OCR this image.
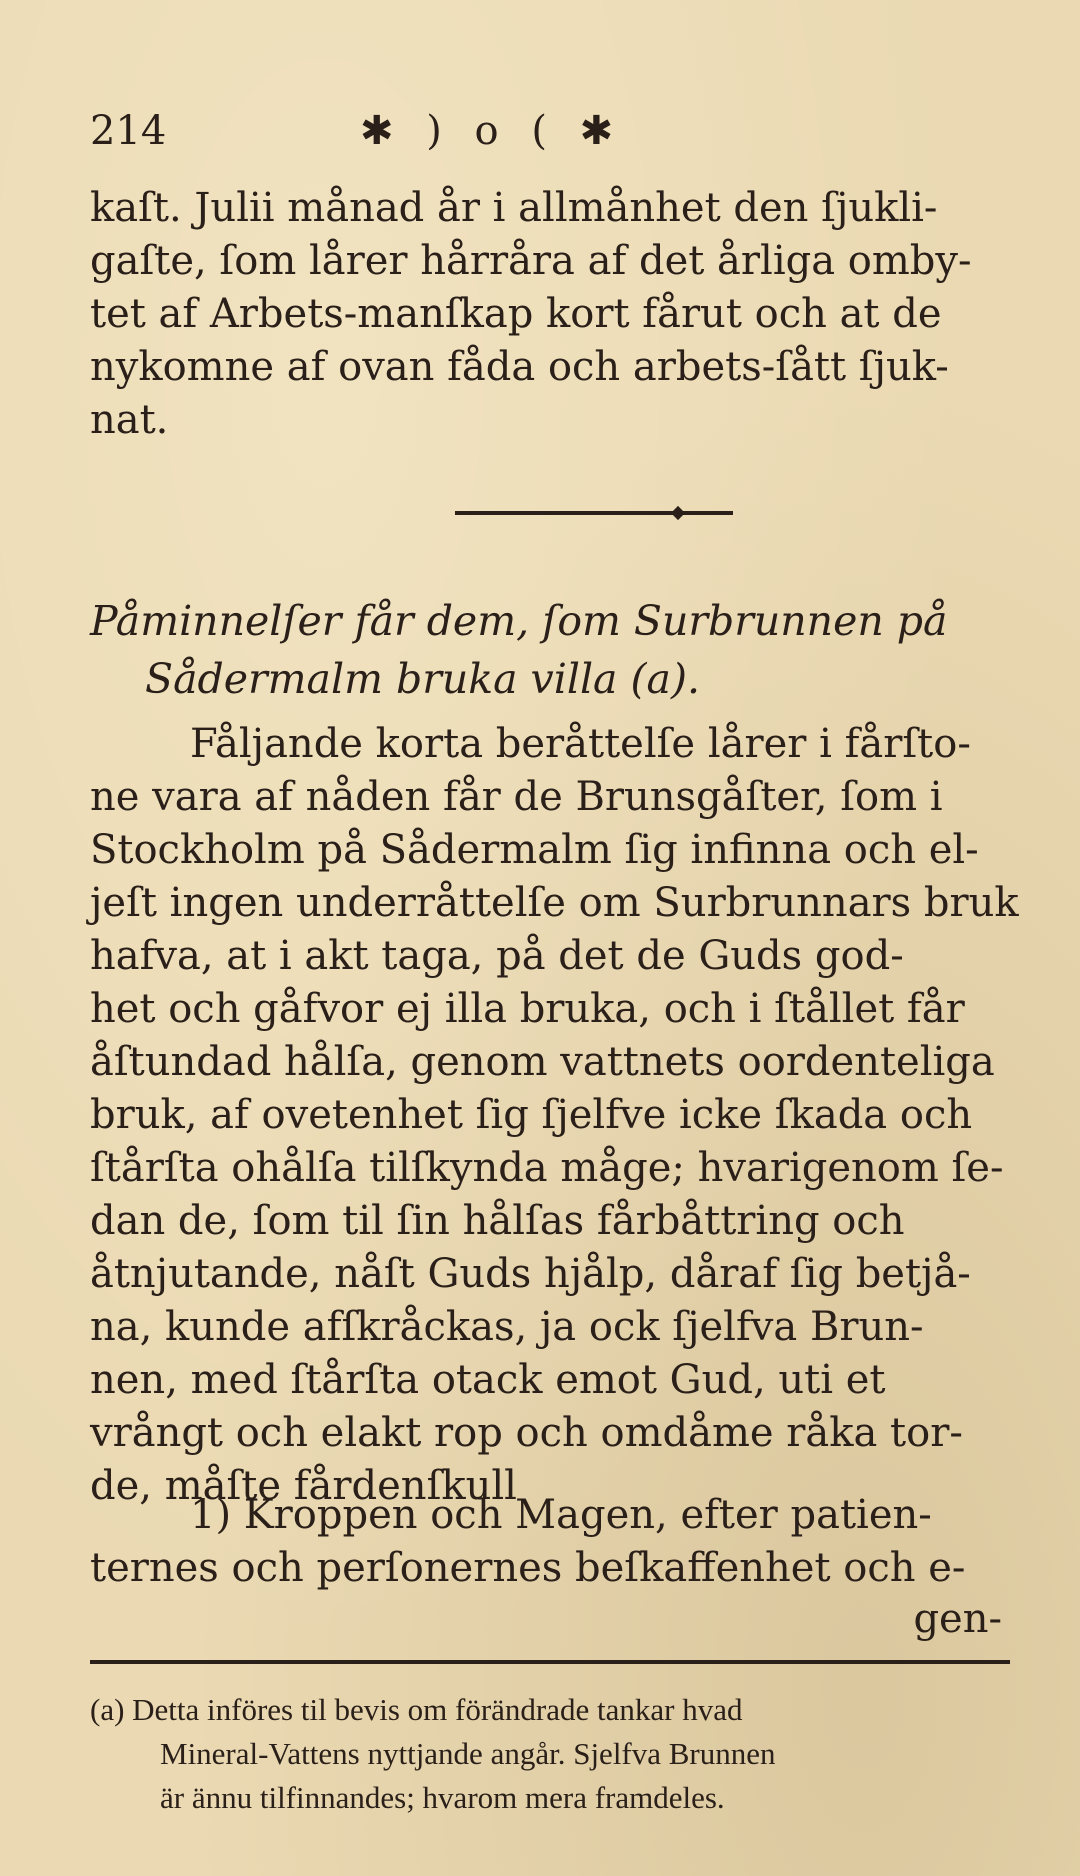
214	✱ ) o ( ✱

kaſt. Julii månad år i allmånhet den ſjukli-
gaſte, ſom lårer hårråra af det årliga omby-
tet af Arbets-manſkap kort fårut och at de
nykomne af ovan fåda och arbets-ſått ſjuk-
nat.

Påminnelſer får dem, ſom Surbrunnen på
Sådermalm bruka villa (a).

Fåljande korta beråttelſe lårer i fårſto-
ne vara af nåden får de Brunsgåſter, ſom i
Stockholm på Sådermalm ſig infinna och el-
jeſt ingen underråttelſe om Surbrunnars bruk
hafva, at i akt taga, på det de Guds god-
het och gåfvor ej illa bruka, och i ſtållet får
åſtundad hålſa, genom vattnets oordenteliga
bruk, af ovetenhet ſig ſjelfve icke ſkada och
ſtårſta ohålſa tilſkynda måge; hvarigenom ſe-
dan de, ſom til ſin hålſas fårbåttring och
åtnjutande, nåſt Guds hjålp, dåraf ſig betjå-
na, kunde afſkråckas, ja ock ſjelfva Brun-
nen, med ſtårſta otack emot Gud, uti et
vrångt och elakt rop och omdåme råka tor-
de, måſte fårdenſkull

1) Kroppen och Magen, efter patien-
ternes och perſonernes beſkaffenhet och e-

gen-

(a) Detta införes til bevis om förändrade tankar hvad
Mineral-Vattens nyttjande angår. Sjelfva Brunnen
är ännu tilfinnandes; hvarom mera framdeles.
